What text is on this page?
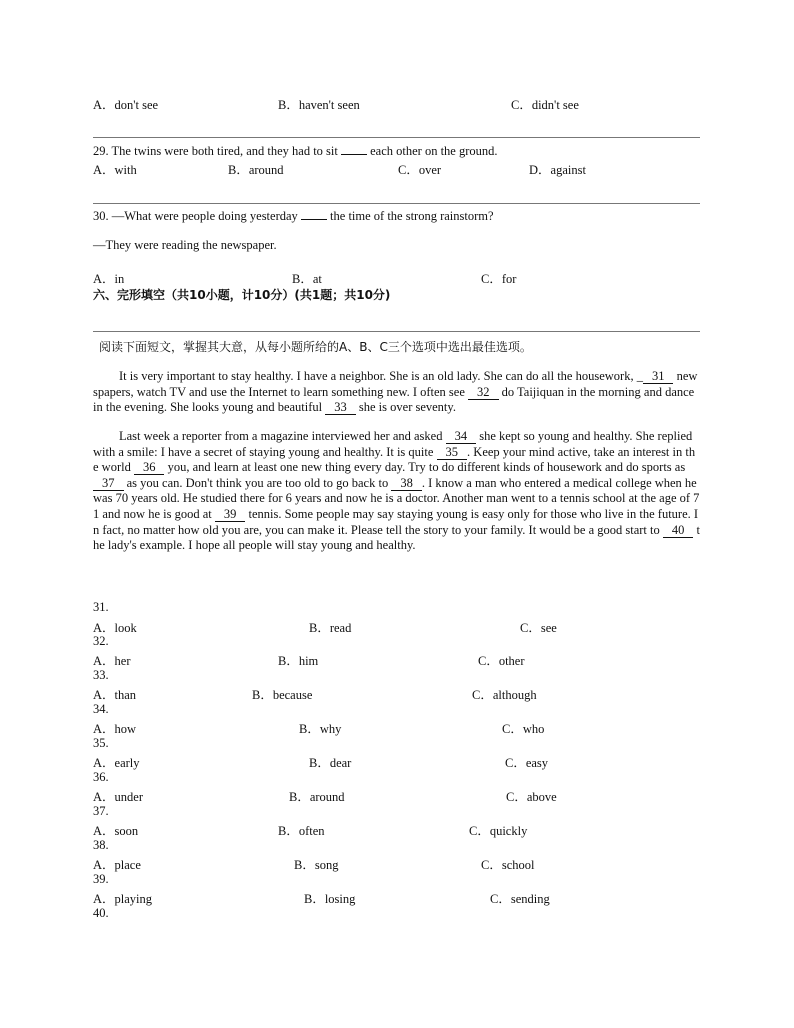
A．don't see	B．haven't seen	C．didn't see
29. The twins were both tired, and they had to sit	each other on the ground.
A．with	B．around	C．over	D．against
30. —What were people doing yesterday	the time of the strong rainstorm?
—They were reading the newspaper.
A．in	B．at	C．for
六、完形填空（共10小题，计10分）(共1题；共10分)
阅读下面短文，掌握其大意，从每小题所给的A、B、C三个选项中选出最佳选项。
It is very important to stay healthy. I have a neighbor. She is an old lady. She can do all the housework, _ 31 newspapers, watch TV and use the Internet to learn something new. I often see 32 do Taijiquan in the morning and dance in the evening. She looks young and beautiful 33 she is over seventy.
Last week a reporter from a magazine interviewed her and asked 34 she kept so young and healthy. She replied with a smile: I have a secret of staying young and healthy. It is quite 35 . Keep your mind active, take an interest in the world 36 you, and learn at least one new thing every day. Try to do different kinds of housework and do sports as 37 as you can. Don't think you are too old to go back to 38 . I know a man who entered a medical college when he was 70 years old. He studied there for 6 years and now he is a doctor. Another man went to a tennis school at the age of 71 and now he is good at 39 tennis. Some people may say staying young is easy only for those who live in the future. In fact, no matter how old you are, you can make it. Please tell the story to your family. It would be a good start to 40 the lady's example. I hope all people will stay young and healthy.
31.
A．look	B．read	C．see
32.
A．her	B．him	C．other
33.
A．than	B．because	C．although
34.
A．how	B．why	C．who
35.
A．early	B．dear	C．easy
36.
A．under	B．around	C．above
37.
A．soon	B．often	C．quickly
38.
A．place	B．song	C．school
39.
A．playing	B．losing	C．sending
40.
